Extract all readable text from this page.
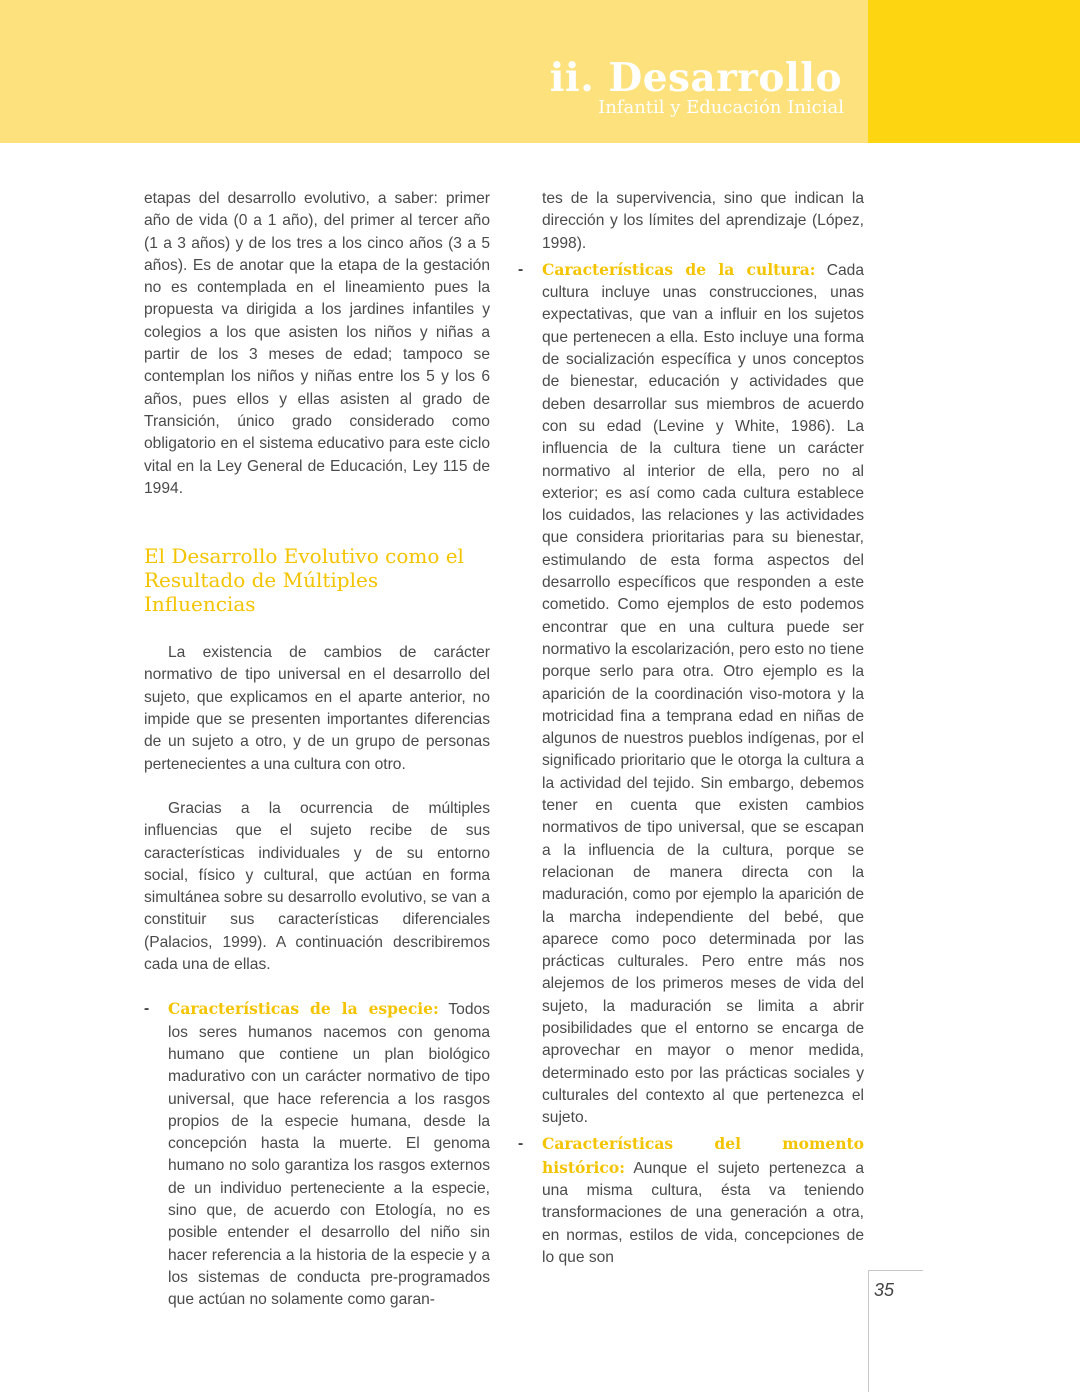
ii. Desarrollo
Infantil y Educación Inicial

etapas del desarrollo evolutivo, a saber: primer año de vida (0 a 1 año), del primer al tercer año (1 a 3 años) y de los tres a los cinco años (3 a 5 años). Es de anotar que la etapa de la gestación no es contemplada en el lineamiento pues la propuesta va dirigida a los jardines infantiles y colegios a los que asisten los niños y niñas a partir de los 3 meses de edad; tampoco se contemplan los niños y niñas entre los 5 y los 6 años, pues ellos y ellas asisten al grado de Transición, único grado considerado como obligatorio en el sistema educativo para este ciclo vital en la Ley General de Educación, Ley 115 de 1994.

El Desarrollo Evolutivo como el
Resultado de Múltiples Influencias

La existencia de cambios de carácter normativo de tipo universal en el desarrollo del sujeto, que explicamos en el aparte anterior, no impide que se presenten importantes diferencias de un sujeto a otro, y de un grupo de personas pertenecientes a una cultura con otro.

Gracias a la ocurrencia de múltiples influencias que el sujeto recibe de sus características individuales y de su entorno social, físico y cultural, que actúan en forma simultánea sobre su desarrollo evolutivo, se van a constituir sus características diferenciales (Palacios, 1999). A continuación describiremos cada una de ellas.

- Características de la especie: Todos los seres humanos nacemos con genoma humano que contiene un plan biológico madurativo con un carácter normativo de tipo universal, que hace referencia a los rasgos propios de la especie humana, desde la concepción hasta la muerte. El genoma humano no solo garantiza los rasgos externos de un individuo perteneciente a la especie, sino que, de acuerdo con Etología, no es posible entender el desarrollo del niño sin hacer referencia a la historia de la especie y a los sistemas de conducta pre-programados que actúan no solamente como garan-

tes de la supervivencia, sino que indican la dirección y los límites del aprendizaje (López, 1998).

- Características de la cultura: Cada cultura incluye unas construcciones, unas expectativas, que van a influir en los sujetos que pertenecen a ella. Esto incluye una forma de socialización específica y unos conceptos de bienestar, educación y actividades que deben desarrollar sus miembros de acuerdo con su edad (Levine y White, 1986). La influencia de la cultura tiene un carácter normativo al interior de ella, pero no al exterior; es así como cada cultura establece los cuidados, las relaciones y las actividades que considera prioritarias para su bienestar, estimulando de esta forma aspectos del desarrollo específicos que responden a este cometido. Como ejemplos de esto podemos encontrar que en una cultura puede ser normativo la escolarización, pero esto no tiene porque serlo para otra. Otro ejemplo es la aparición de la coordinación viso-motora y la motricidad fina a temprana edad en niñas de algunos de nuestros pueblos indígenas, por el significado prioritario que le otorga la cultura a la actividad del tejido. Sin embargo, debemos tener en cuenta que existen cambios normativos de tipo universal, que se escapan a la influencia de la cultura, porque se relacionan de manera directa con la maduración, como por ejemplo la aparición de la marcha independiente del bebé, que aparece como poco determinada por las prácticas culturales. Pero entre más nos alejemos de los primeros meses de vida del sujeto, la maduración se limita a abrir posibilidades que el entorno se encarga de aprovechar en mayor o menor medida, determinado esto por las prácticas sociales y culturales del contexto al que pertenezca el sujeto.
- Características del momento histórico: Aunque el sujeto pertenezca a una misma cultura, ésta va teniendo transformaciones de una generación a otra, en normas, estilos de vida, concepciones de lo que son
35
